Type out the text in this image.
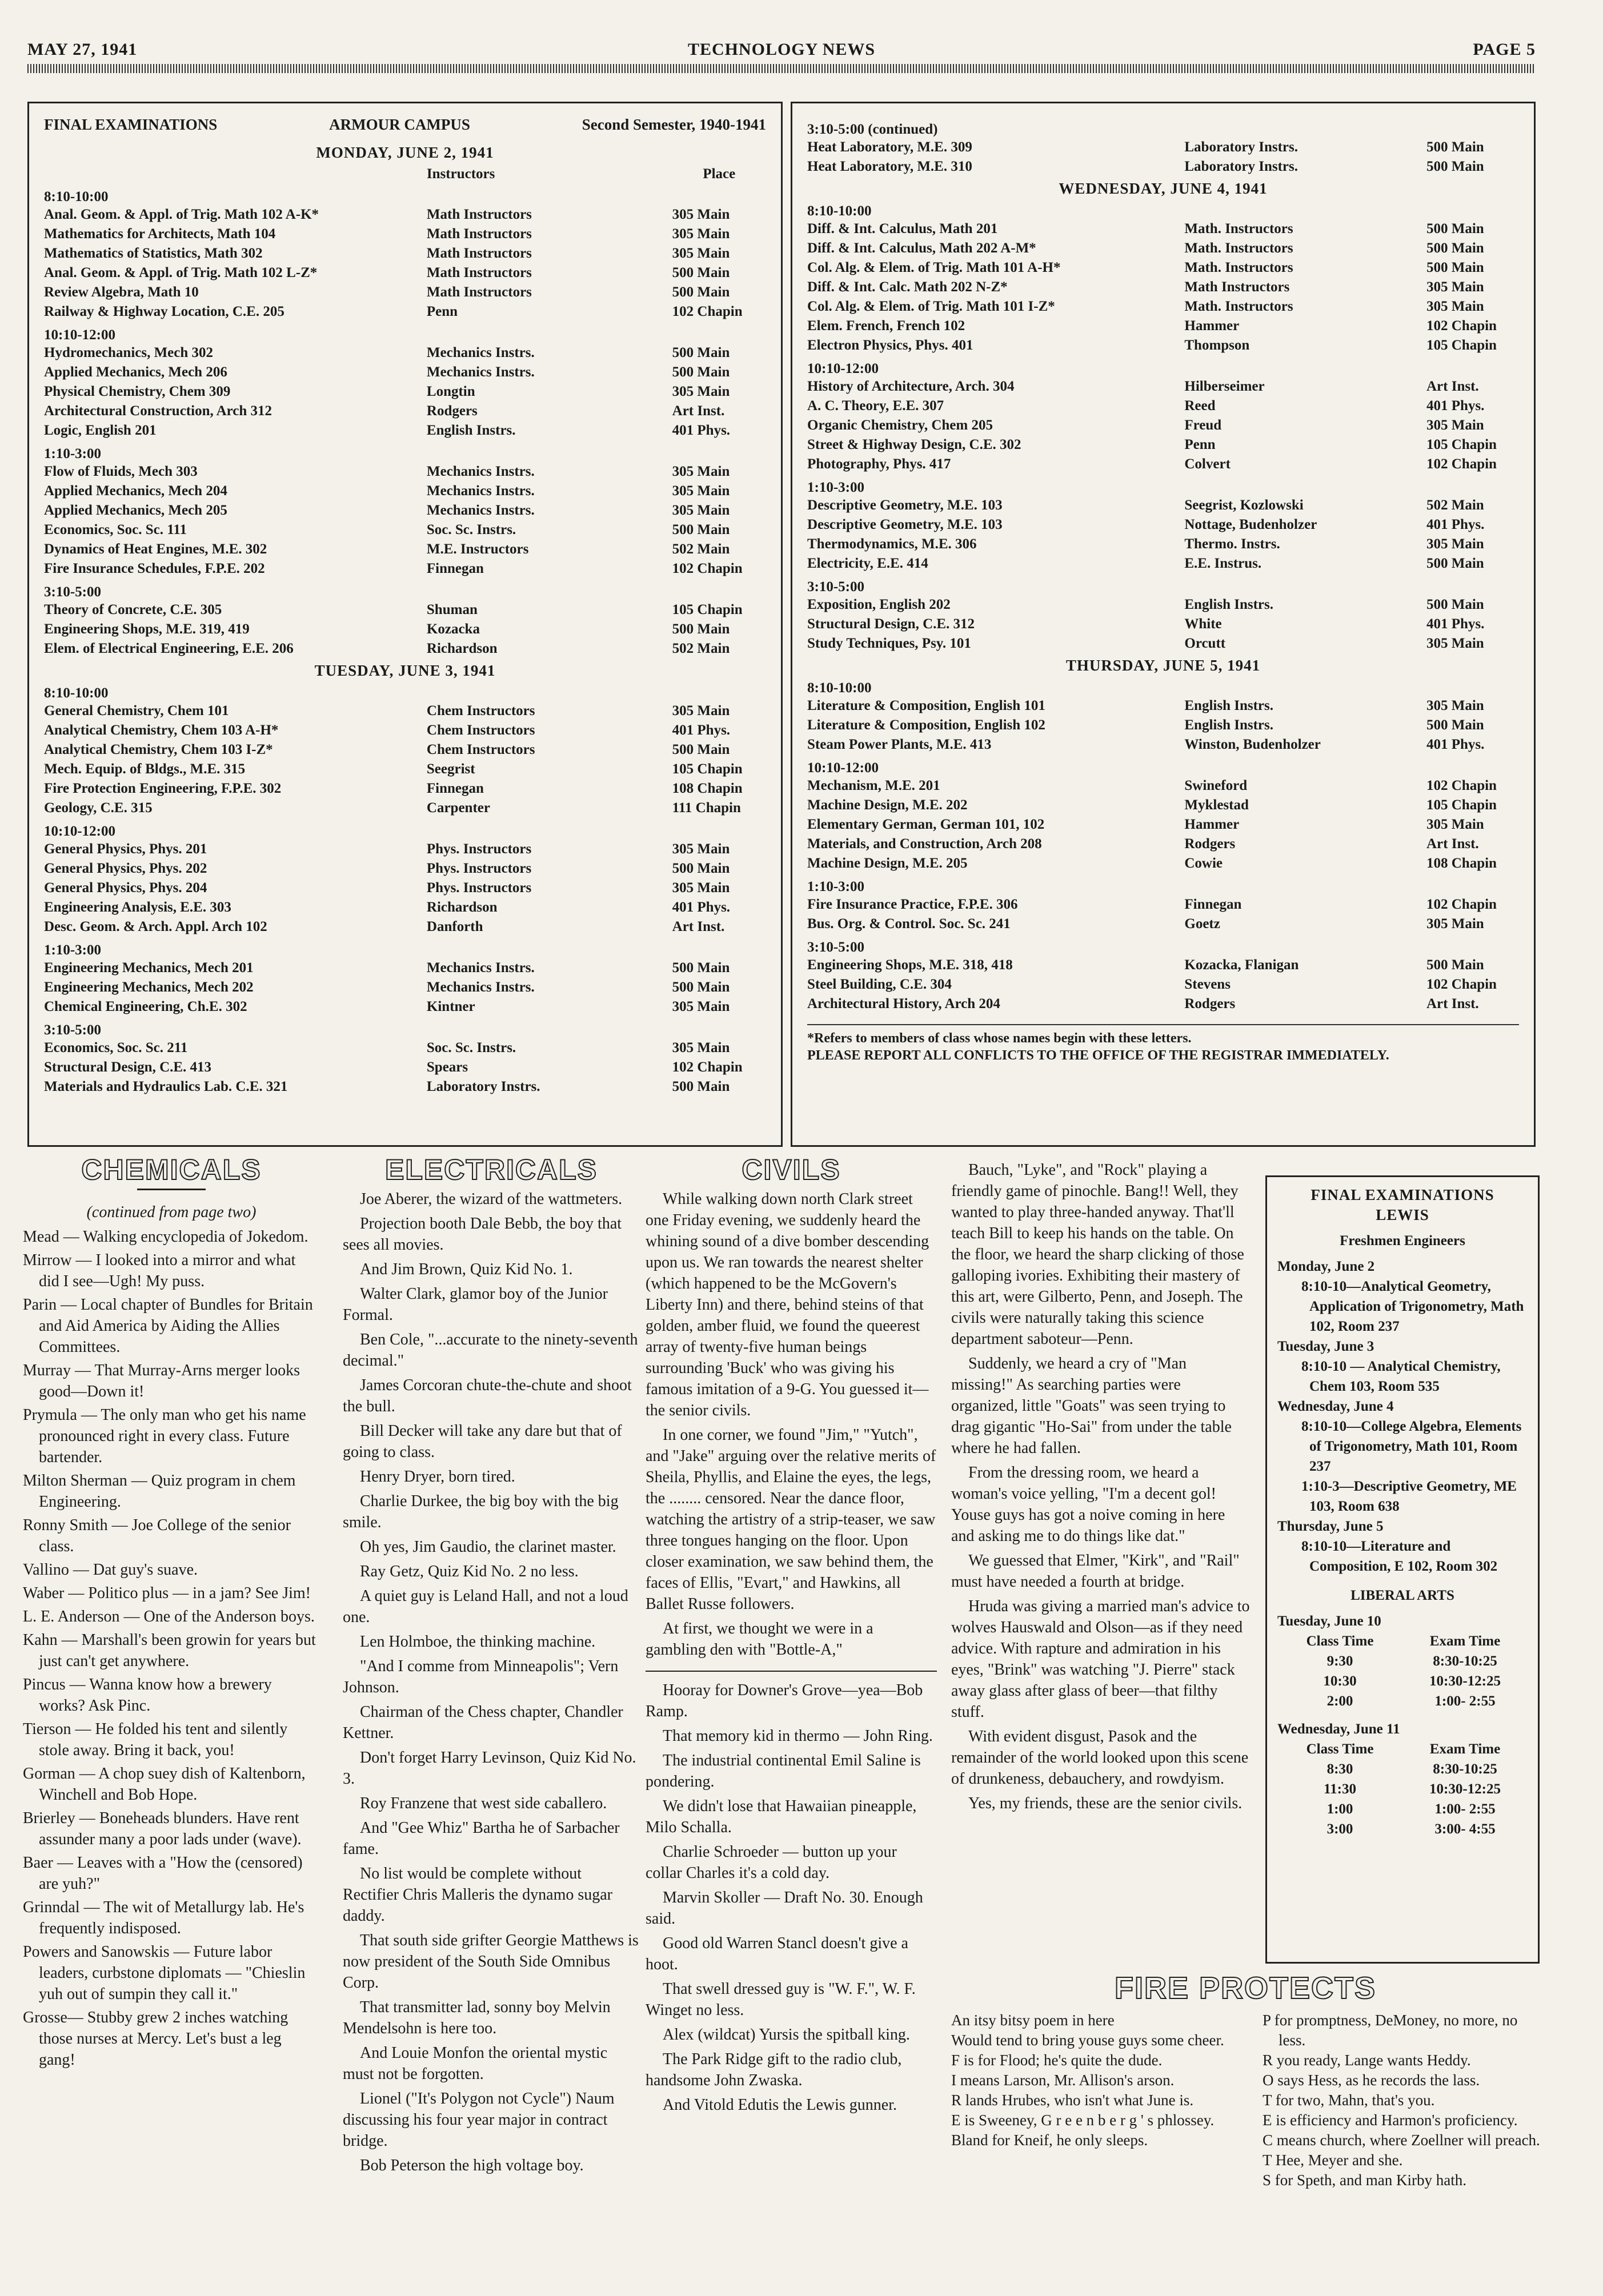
MAY 27, 1941	TECHNOLOGY NEWS	PAGE 5
FINAL EXAMINATIONS	ARMOUR CAMPUS	Second Semester, 1940-1941
MONDAY, JUNE 2, 1941
Instructors	Place
8:10-10:00
Anal. Geom. & Appl. of Trig. Math 102 A-K*	Math Instructors	305 Main
Mathematics for Architects, Math 104	Math Instructors	305 Main
Mathematics of Statistics, Math 302	Math Instructors	305 Main
Anal. Geom. & Appl. of Trig. Math 102 L-Z*	Math Instructors	500 Main
Review Algebra, Math 10	Math Instructors	500 Main
Railway & Highway Location, C.E. 205	Penn	102 Chapin
10:10-12:00
Hydromechanics, Mech 302	Mechanics Instrs.	500 Main
Applied Mechanics, Mech 206	Mechanics Instrs.	500 Main
Physical Chemistry, Chem 309	Longtin	305 Main
Architectural Construction, Arch 312	Rodgers	Art Inst.
Logic, English 201	English Instrs.	401 Phys.
1:10-3:00
Flow of Fluids, Mech 303	Mechanics Instrs.	305 Main
Applied Mechanics, Mech 204	Mechanics Instrs.	305 Main
Applied Mechanics, Mech 205	Mechanics Instrs.	305 Main
Economics, Soc. Sc. 111	Soc. Sc. Instrs.	500 Main
Dynamics of Heat Engines, M.E. 302	M.E. Instructors	502 Main
Fire Insurance Schedules, F.P.E. 202	Finnegan	102 Chapin
3:10-5:00
Theory of Concrete, C.E. 305	Shuman	105 Chapin
Engineering Shops, M.E. 319, 419	Kozacka	500 Main
Elem. of Electrical Engineering, E.E. 206	Richardson	502 Main
TUESDAY, JUNE 3, 1941
8:10-10:00
General Chemistry, Chem 101	Chem Instructors	305 Main
Analytical Chemistry, Chem 103 A-H*	Chem Instructors	401 Phys.
Analytical Chemistry, Chem 103 I-Z*	Chem Instructors	500 Main
Mech. Equip. of Bldgs., M.E. 315	Seegrist	105 Chapin
Fire Protection Engineering, F.P.E. 302	Finnegan	108 Chapin
Geology, C.E. 315	Carpenter	111 Chapin
10:10-12:00
General Physics, Phys. 201	Phys. Instructors	305 Main
General Physics, Phys. 202	Phys. Instructors	500 Main
General Physics, Phys. 204	Phys. Instructors	305 Main
Engineering Analysis, E.E. 303	Richardson	401 Phys.
Desc. Geom. & Arch. Appl. Arch 102	Danforth	Art Inst.
1:10-3:00
Engineering Mechanics, Mech 201	Mechanics Instrs.	500 Main
Engineering Mechanics, Mech 202	Mechanics Instrs.	500 Main
Chemical Engineering, Ch.E. 302	Kintner	305 Main
3:10-5:00
Economics, Soc. Sc. 211	Soc. Sc. Instrs.	305 Main
Structural Design, C.E. 413	Spears	102 Chapin
Materials and Hydraulics Lab. C.E. 321	Laboratory Instrs.	500 Main
3:10-5:00 (continued)
Heat Laboratory, M.E. 309	Laboratory Instrs.	500 Main
Heat Laboratory, M.E. 310	Laboratory Instrs.	500 Main
WEDNESDAY, JUNE 4, 1941
8:10-10:00
Diff. & Int. Calculus, Math 201	Math. Instructors	500 Main
Diff. & Int. Calculus, Math 202 A-M*	Math. Instructors	500 Main
Col. Alg. & Elem. of Trig. Math 101 A-H*	Math. Instructors	500 Main
Diff. & Int. Calc. Math 202 N-Z*	Math Instructors	305 Main
Col. Alg. & Elem. of Trig. Math 101 I-Z*	Math. Instructors	305 Main
Elem. French, French 102	Hammer	102 Chapin
Electron Physics, Phys. 401	Thompson	105 Chapin
10:10-12:00
History of Architecture, Arch. 304	Hilberseimer	Art Inst.
A. C. Theory, E.E. 307	Reed	401 Phys.
Organic Chemistry, Chem 205	Freud	305 Main
Street & Highway Design, C.E. 302	Penn	105 Chapin
Photography, Phys. 417	Colvert	102 Chapin
1:10-3:00
Descriptive Geometry, M.E. 103	Seegrist, Kozlowski	502 Main
Descriptive Geometry, M.E. 103	Nottage, Budenholzer	401 Phys.
Thermodynamics, M.E. 306	Thermo. Instrs.	305 Main
Electricity, E.E. 414	E.E. Instrus.	500 Main
3:10-5:00
Exposition, English 202	English Instrs.	500 Main
Structural Design, C.E. 312	White	401 Phys.
Study Techniques, Psy. 101	Orcutt	305 Main
THURSDAY, JUNE 5, 1941
8:10-10:00
Literature & Composition, English 101	English Instrs.	305 Main
Literature & Composition, English 102	English Instrs.	500 Main
Steam Power Plants, M.E. 413	Winston, Budenholzer	401 Phys.
10:10-12:00
Mechanism, M.E. 201	Swineford	102 Chapin
Machine Design, M.E. 202	Myklestad	105 Chapin
Elementary German, German 101, 102	Hammer	305 Main
Materials, and Construction, Arch 208	Rodgers	Art Inst.
Machine Design, M.E. 205	Cowie	108 Chapin
1:10-3:00
Fire Insurance Practice, F.P.E. 306	Finnegan	102 Chapin
Bus. Org. & Control. Soc. Sc. 241	Goetz	305 Main
3:10-5:00
Engineering Shops, M.E. 318, 418	Kozacka, Flanigan	500 Main
Steel Building, C.E. 304	Stevens	102 Chapin
Architectural History, Arch 204	Rodgers	Art Inst.
*Refers to members of class whose names begin with these letters.
PLEASE REPORT ALL CONFLICTS TO THE OFFICE OF THE REGISTRAR IMMEDIATELY.
CHEMICALS
(continued from page two)
Mead — Walking encyclopedia of Jokedom.
Mirrow — I looked into a mirror and what did I see—Ugh! My puss.
Parin — Local chapter of Bundles for Britain and Aid America by Aiding the Allies Committees.
Murray — That Murray-Arns merger looks good—Down it!
Prymula — The only man who get his name pronounced right in every class. Future bartender.
Milton Sherman — Quiz program in chem Engineering.
Ronny Smith — Joe College of the senior class.
Vallino — Dat guy's suave.
Waber — Politico plus — in a jam? See Jim!
L. E. Anderson — One of the Anderson boys.
Kahn — Marshall's been growin for years but just can't get anywhere.
Pincus — Wanna know how a brewery works? Ask Pinc.
Tierson — He folded his tent and silently stole away. Bring it back, you!
Gorman — A chop suey dish of Kaltenborn, Winchell and Bob Hope.
Brierley — Boneheads blunders. Have rent assunder many a poor lads under (wave).
Baer — Leaves with a "How the (censored) are yuh?"
Grinndal — The wit of Metallurgy lab. He's frequently indisposed.
Powers and Sanowskis — Future labor leaders, curbstone diplomats — "Chieslin yuh out of sumpin they call it."
Grosse— Stubby grew 2 inches watching those nurses at Mercy. Let's bust a leg gang!
ELECTRICALS
Joe Aberer, the wizard of the wattmeters.
Projection booth Dale Bebb, the boy that sees all movies.
And Jim Brown, Quiz Kid No. 1.
Walter Clark, glamor boy of the Junior Formal.
Ben Cole, "...accurate to the ninety-seventh decimal."
James Corcoran chute-the-chute and shoot the bull.
Bill Decker will take any dare but that of going to class.
Henry Dryer, born tired.
Charlie Durkee, the big boy with the big smile.
Oh yes, Jim Gaudio, the clarinet master.
Ray Getz, Quiz Kid No. 2 no less.
A quiet guy is Leland Hall, and not a loud one.
Len Holmboe, the thinking machine.
"And I comme from Minneapolis"; Vern Johnson.
Chairman of the Chess chapter, Chandler Kettner.
Don't forget Harry Levinson, Quiz Kid No. 3.
Roy Franzene that west side caballero.
And "Gee Whiz" Bartha he of Sarbacher fame.
No list would be complete without Rectifier Chris Malleris the dynamo sugar daddy.
That south side grifter Georgie Matthews is now president of the South Side Omnibus Corp.
That transmitter lad, sonny boy Melvin Mendelsohn is here too.
And Louie Monfon the oriental mystic must not be forgotten.
Lionel ("It's Polygon not Cycle") Naum discussing his four year major in contract bridge.
Bob Peterson the high voltage boy.
CIVILS
While walking down north Clark street one Friday evening, we suddenly heard the whining sound of a dive bomber descending upon us. We ran towards the nearest shelter (which happened to be the McGovern's Liberty Inn) and there, behind steins of that golden, amber fluid, we found the queerest array of twenty-five human beings surrounding 'Buck' who was giving his famous imitation of a 9-G. You guessed it—the senior civils.
In one corner, we found "Jim," "Yutch", and "Jake" arguing over the relative merits of Sheila, Phyllis, and Elaine the eyes, the legs, the ........ censored. Near the dance floor, watching the artistry of a strip-teaser, we saw three tongues hanging on the floor. Upon closer examination, we saw behind them, the faces of Ellis, "Evart," and Hawkins, all Ballet Russe followers.
At first, we thought we were in a gambling den with "Bottle-A,"
Hooray for Downer's Grove—yea—Bob Ramp.
That memory kid in thermo — John Ring.
The industrial continental Emil Saline is pondering.
We didn't lose that Hawaiian pineapple, Milo Schalla.
Charlie Schroeder — button up your collar Charles it's a cold day.
Marvin Skoller — Draft No. 30. Enough said.
Good old Warren Stancl doesn't give a hoot.
That swell dressed guy is "W. F.", W. F. Winget no less.
Alex (wildcat) Yursis the spitball king.
The Park Ridge gift to the radio club, handsome John Zwaska.
And Vitold Edutis the Lewis gunner.
Bauch, "Lyke", and "Rock" playing a friendly game of pinochle. Bang!! Well, they wanted to play three-handed anyway. That'll teach Bill to keep his hands on the table. On the floor, we heard the sharp clicking of those galloping ivories. Exhibiting their mastery of this art, were Gilberto, Penn, and Joseph. The civils were naturally taking this science department saboteur—Penn.
Suddenly, we heard a cry of "Man missing!" As searching parties were organized, little "Goats" was seen trying to drag gigantic "Ho-Sai" from under the table where he had fallen.
From the dressing room, we heard a woman's voice yelling, "I'm a decent gol! Youse guys has got a noive coming in here and asking me to do things like dat."
We guessed that Elmer, "Kirk", and "Rail" must have needed a fourth at bridge.
Hruda was giving a married man's advice to wolves Hauswald and Olson—as if they need advice. With rapture and admiration in his eyes, "Brink" was watching "J. Pierre" stack away glass after glass of beer—that filthy stuff.
With evident disgust, Pasok and the remainder of the world looked upon this scene of drunkeness, debauchery, and rowdyism.
Yes, my friends, these are the senior civils.
FINAL EXAMINATIONS
LEWIS
Freshmen Engineers
Monday, June 2
8:10-10—Analytical Geometry, Application of Trigonometry, Math 102, Room 237
Tuesday, June 3
8:10-10 — Analytical Chemistry, Chem 103, Room 535
Wednesday, June 4
8:10-10—College Algebra, Elements of Trigonometry, Math 101, Room 237
1:10-3—Descriptive Geometry, ME 103, Room 638
Thursday, June 5
8:10-10—Literature and Composition, E 102, Room 302
LIBERAL ARTS
Tuesday, June 10
Class Time	Exam Time
9:30	8:30-10:25
10:30	10:30-12:25
2:00	1:00- 2:55
Wednesday, June 11
Class Time	Exam Time
8:30	8:30-10:25
11:30	10:30-12:25
1:00	1:00- 2:55
3:00	3:00- 4:55
FIRE PROTECTS
An itsy bitsy poem in here
Would tend to bring youse guys some cheer.
F is for Flood; he's quite the dude.
I means Larson, Mr. Allison's arson.
R lands Hrubes, who isn't what June is.
E is Sweeney, G r e e n b e r g ' s phlossey.
Bland for Kneif, he only sleeps.
P for promptness, DeMoney, no more, no less.
R you ready, Lange wants Heddy.
O says Hess, as he records the lass.
T for two, Mahn, that's you.
E is efficiency and Harmon's proficiency.
C means church, where Zoellner will preach.
T Hee, Meyer and she.
S for Speth, and man Kirby hath.
